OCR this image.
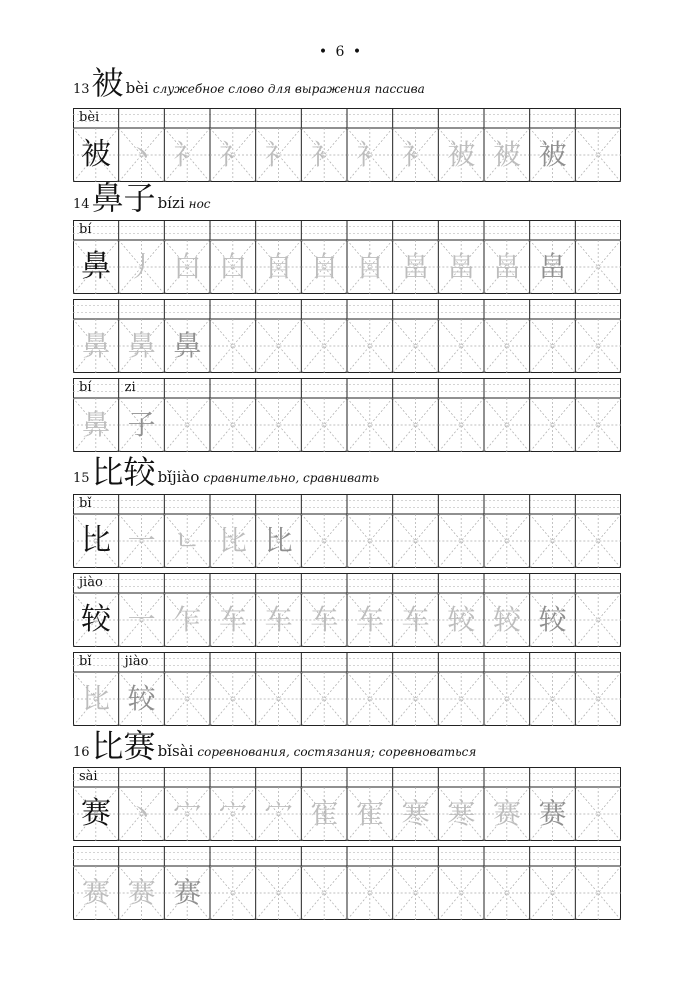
• 6 •
13 被 bèi служебное слово для выражения пассива
14 鼻子 bízi нос
15 比较 bǐjiào сравнительно, сравнивать
16 比赛 bǐsài соревнования, состязания; соревноваться
bèi
被 丶 礻 礻 礻 衤 衤 衤 被 被 被
bí
鼻 丿 白 白 自 自 自 畠 畠 畠 畠
鼻 鼻 鼻
bí	zi
鼻 子
bǐ
比 一 ㄴ 比 比
jiào
较 一 乍 车 车 车 车 车 较 较 较
bǐ	jiào
比 较
sài
赛 丶 宀 宀 宀 寉 寉 寒 寒 赛 赛
赛 赛 赛
